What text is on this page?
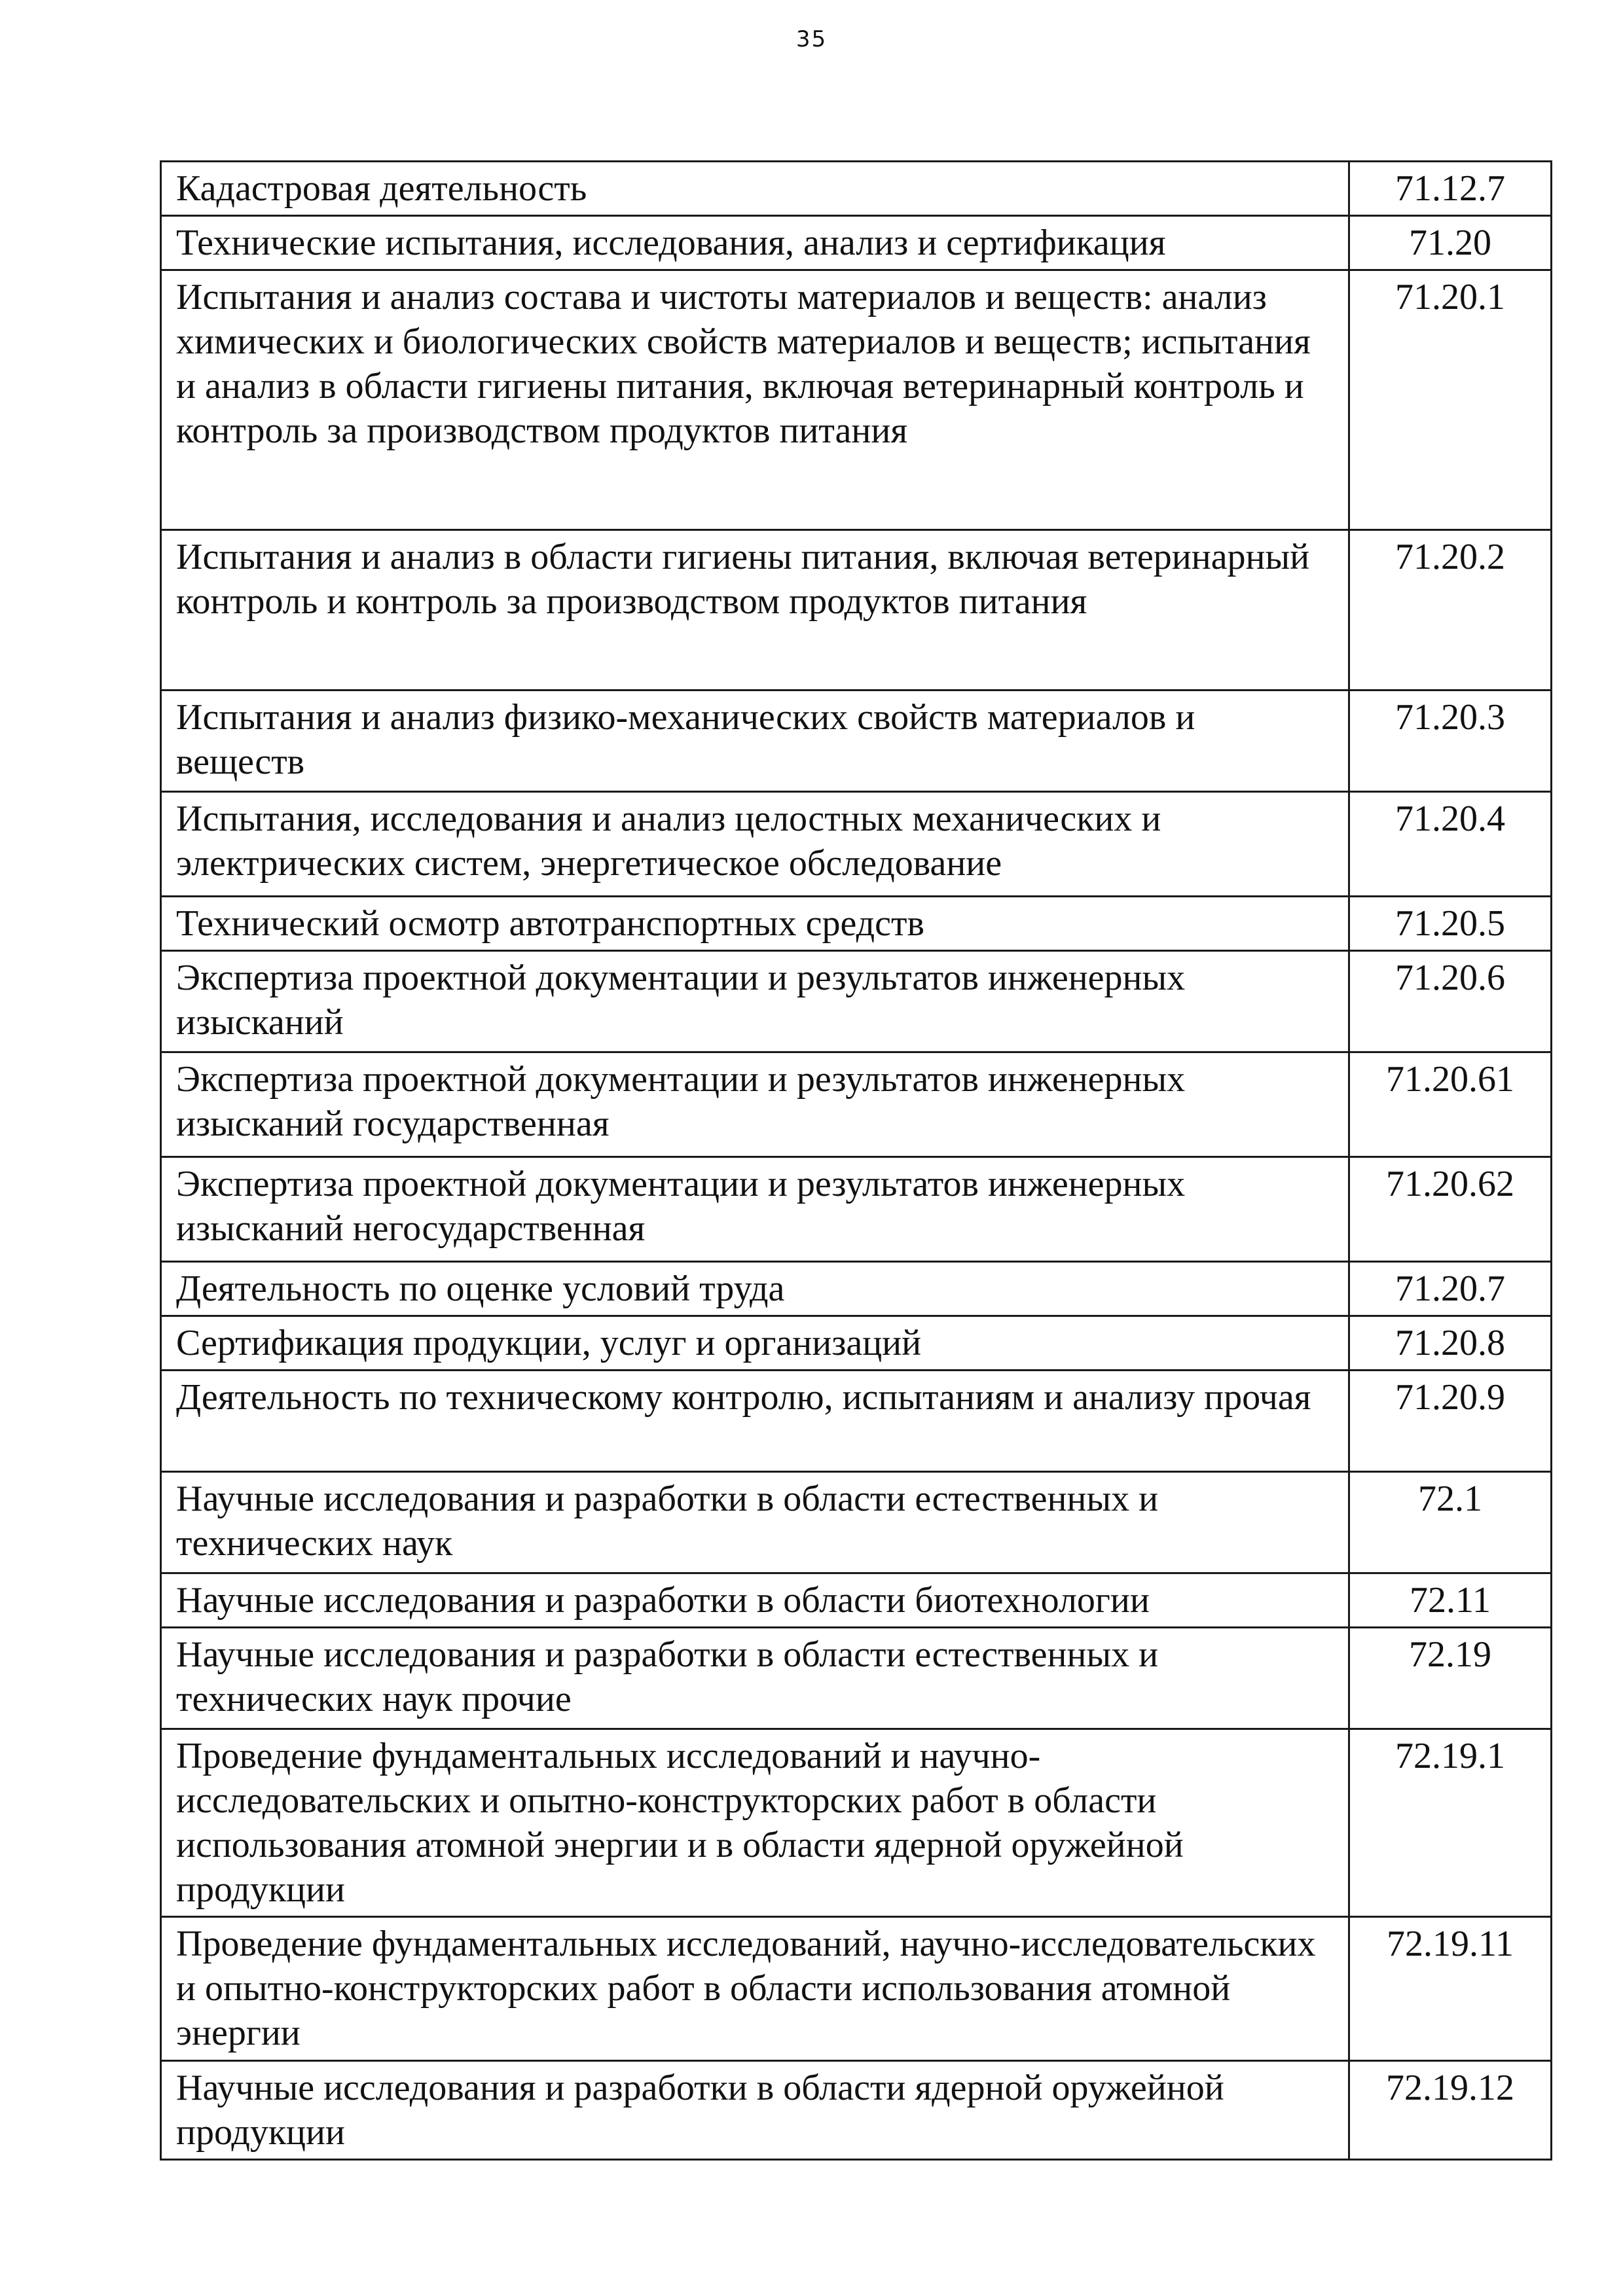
35
Кадастровая деятельность	71.12.7
Технические испытания, исследования, анализ и сертификация	71.20
Испытания и анализ состава и чистоты материалов и веществ: анализ химических и биологических свойств материалов и веществ; испытания и анализ в области гигиены питания, включая ветеринарный контроль и контроль за производством продуктов питания	71.20.1
Испытания и анализ в области гигиены питания, включая ветеринарный контроль и контроль за производством продуктов питания	71.20.2
Испытания и анализ физико-механических свойств материалов и веществ	71.20.3
Испытания, исследования и анализ целостных механических и электрических систем, энергетическое обследование	71.20.4
Технический осмотр автотранспортных средств	71.20.5
Экспертиза проектной документации и результатов инженерных изысканий	71.20.6
Экспертиза проектной документации и результатов инженерных изысканий государственная	71.20.61
Экспертиза проектной документации и результатов инженерных изысканий негосударственная	71.20.62
Деятельность по оценке условий труда	71.20.7
Сертификация продукции, услуг и организаций	71.20.8
Деятельность по техническому контролю, испытаниям и анализу прочая	71.20.9
Научные исследования и разработки в области естественных и технических наук	72.1
Научные исследования и разработки в области биотехнологии	72.11
Научные исследования и разработки в области естественных и технических наук прочие	72.19
Проведение фундаментальных исследований и научно-исследовательских и опытно-конструкторских работ в области использования атомной энергии и в области ядерной оружейной продукции	72.19.1
Проведение фундаментальных исследований, научно-исследовательских и опытно-конструкторских работ в области использования атомной энергии	72.19.11
Научные исследования и разработки в области ядерной оружейной продукции	72.19.12
